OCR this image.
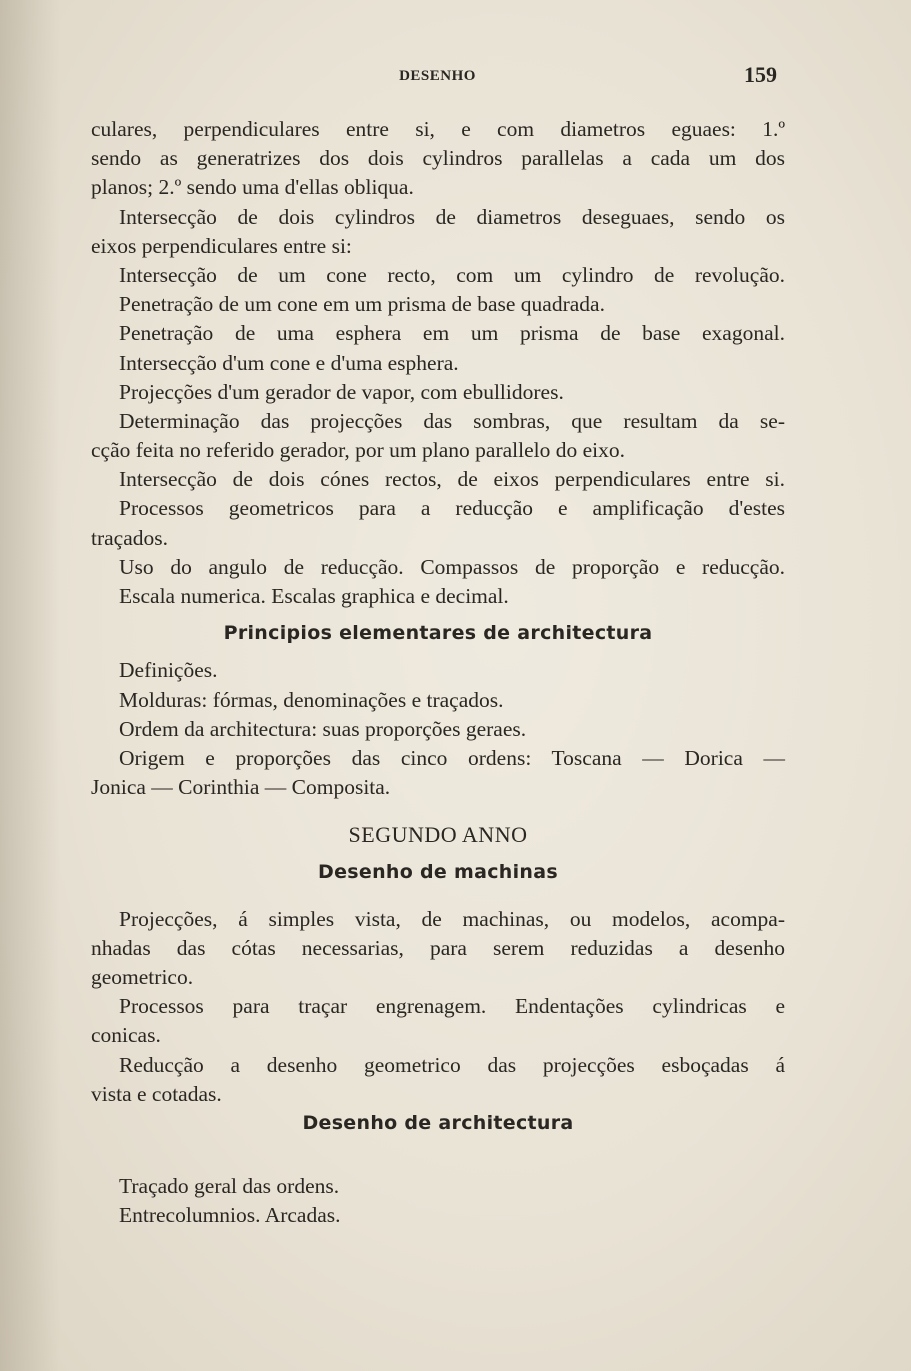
DESENHO	159
culares, perpendiculares entre si, e com diametros eguaes: 1.º
sendo as generatrizes dos dois cylindros parallelas a cada um dos
planos; 2.º sendo uma d'ellas obliqua.
Intersecção de dois cylindros de diametros deseguaes, sendo os
eixos perpendiculares entre si:
Intersecção de um cone recto, com um cylindro de revolução.
Penetração de um cone em um prisma de base quadrada.
Penetração de uma esphera em um prisma de base exagonal.
Intersecção d'um cone e d'uma esphera.
Projecções d'um gerador de vapor, com ebullidores.
Determinação das projecções das sombras, que resultam da se-
cção feita no referido gerador, por um plano parallelo do eixo.
Intersecção de dois cónes rectos, de eixos perpendiculares entre si.
Processos geometricos para a reducção e amplificação d'estes
traçados.
Uso do angulo de reducção. Compassos de proporção e reducção.
Escala numerica. Escalas graphica e decimal.
Principios elementares de architectura
Definições.
Molduras: fórmas, denominações e traçados.
Ordem da architectura: suas proporções geraes.
Origem e proporções das cinco ordens: Toscana — Dorica —
Jonica — Corinthia — Composita.
SEGUNDO ANNO
Desenho de machinas
Projecções, á simples vista, de machinas, ou modelos, acompa-
nhadas das cótas necessarias, para serem reduzidas a desenho
geometrico.
Processos para traçar engrenagem. Endentações cylindricas e
conicas.
Reducção a desenho geometrico das projecções esboçadas á
vista e cotadas.
Desenho de architectura
Traçado geral das ordens.
Entrecolumnios. Arcadas.
